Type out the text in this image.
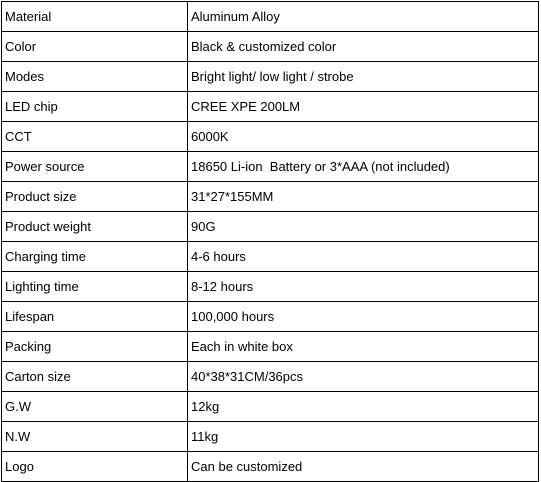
Material	Aluminum Alloy
Color	Black & customized color
Modes	Bright light/ low light / strobe
LED chip	CREE XPE 200LM
CCT	6000K
Power source	18650 Li-ion  Battery or 3*AAA (not included)
Product size	31*27*155MM
Product weight	90G
Charging time	4-6 hours
Lighting time	8-12 hours
Lifespan	100,000 hours
Packing	Each in white box
Carton size	40*38*31CM/36pcs
G.W	12kg
N.W	11kg
Logo	Can be customized
